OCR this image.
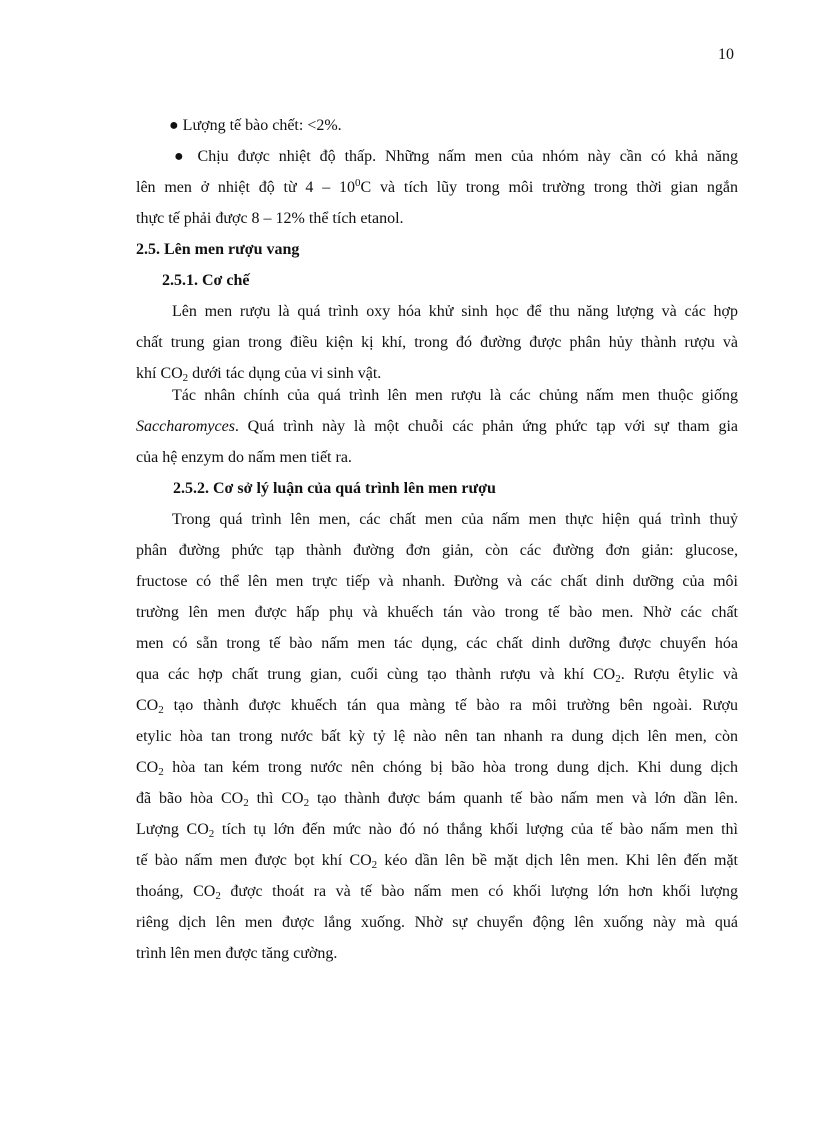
10
● Lượng tế bào chết: <2%.
● Chịu được nhiệt độ thấp. Những nấm men của nhóm này cần có khả năng
lên men ở nhiệt độ từ $4 - 10^0C$ và tích lũy trong môi trường trong thời gian ngắn
thực tế phải được 8 – 12% thể tích etanol.
2.5. Lên men rượu vang
2.5.1. Cơ chế
Lên men rượu là quá trình oxy hóa khử sinh học để thu năng lượng và các hợp
chất trung gian trong điều kiện kị khí, trong đó đường được phân hủy thành rượu và
khí $CO_2$ dưới tác dụng của vi sinh vật.
Tác nhân chính của quá trình lên men rượu là các chủng nấm men thuộc giống
Saccharomyces. Quá trình này là một chuỗi các phản ứng phức tạp với sự tham gia
của hệ enzym do nấm men tiết ra.
2.5.2. Cơ sở lý luận của quá trình lên men rượu
Trong quá trình lên men, các chất men của nấm men thực hiện quá trình thuỷ
phân đường phức tạp thành đường đơn giản, còn các đường đơn giản: glucose,
fructose có thể lên men trực tiếp và nhanh. Đường và các chất dinh dưỡng của môi
trường lên men được hấp phụ và khuếch tán vào trong tế bào men. Nhờ các chất
men có sẵn trong tế bào nấm men tác dụng, các chất dinh dưỡng được chuyển hóa
qua các hợp chất trung gian, cuối cùng tạo thành rượu và khí $CO_2$. Rượu êtylic và
$CO_2$ tạo thành được khuếch tán qua màng tế bào ra môi trường bên ngoài. Rượu
etylic hòa tan trong nước bất kỳ tỷ lệ nào nên tan nhanh ra dung dịch lên men, còn
$CO_2$ hòa tan kém trong nước nên chóng bị bão hòa trong dung dịch. Khi dung dịch
đã bão hòa $CO_2$ thì $CO_2$ tạo thành được bám quanh tế bào nấm men và lớn dần lên.
Lượng $CO_2$ tích tụ lớn đến mức nào đó nó thắng khối lượng của tế bào nấm men thì
tế bào nấm men được bọt khí $CO_2$ kéo dần lên bề mặt dịch lên men. Khi lên đến mặt
thoáng, $CO_2$ được thoát ra và tế bào nấm men có khối lượng lớn hơn khối lượng
riêng dịch lên men được lắng xuống. Nhờ sự chuyển động lên xuống này mà quá
trình lên men được tăng cường.
